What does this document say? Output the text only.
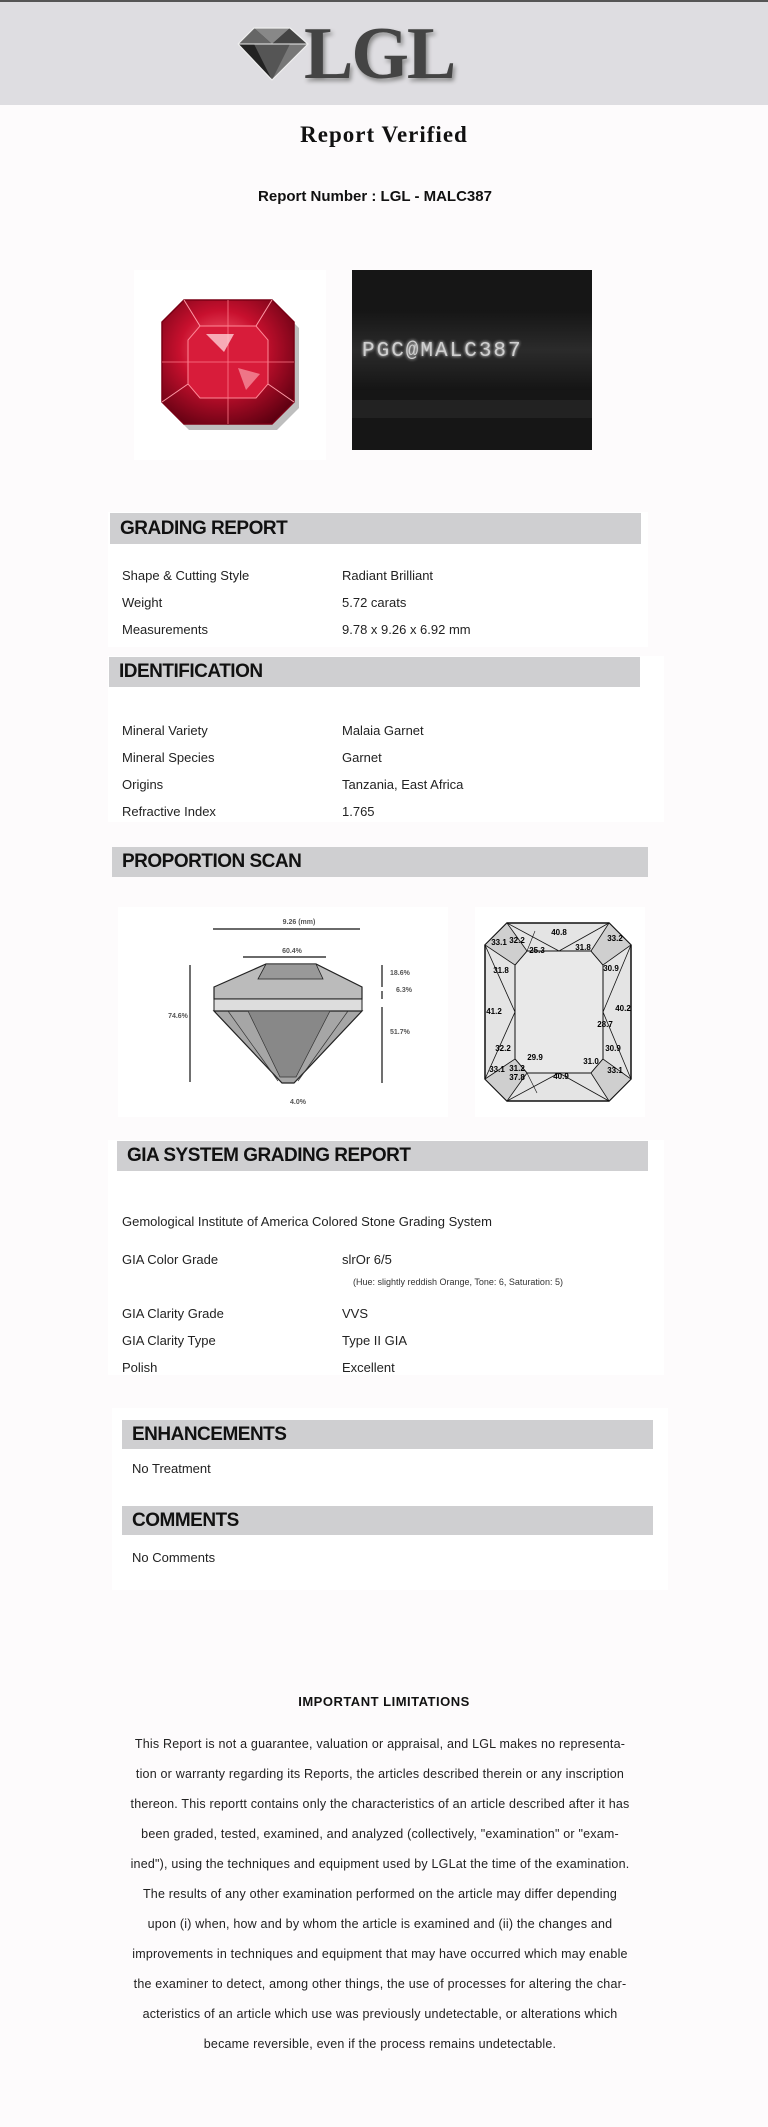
LGL
Report Verified
Report Number : LGL - MALC387
PGC@MALC387
GRADING REPORT
Shape & Cutting Style	Radiant Brilliant
Weight	5.72 carats
Measurements	9.78 x 9.26 x 6.92 mm
IDENTIFICATION
Mineral Variety	Malaia Garnet
Mineral Species	Garnet
Origins	Tanzania, East Africa
Refractive Index	1.765
PROPORTION SCAN
9.26 (mm)
60.4%
74.6%
18.6%
6.3%
51.7%
4.0%
40.8
33.2
33.1 32.2
25.3	31.8
31.8	30.9
41.2	40.2
28.7
32.2
29.9
30.9
33.1 31.2
37.8	40.9
31.0
33.1
GIA SYSTEM GRADING REPORT
Gemological Institute of America Colored Stone Grading System
GIA Color Grade	slrOr 6/5
(Hue: slightly reddish Orange, Tone: 6, Saturation: 5)
GIA Clarity Grade	VVS
GIA Clarity Type	Type II GIA
Polish	Excellent
ENHANCEMENTS
No Treatment
COMMENTS
No Comments
IMPORTANT LIMITATIONS
This Report is not a guarantee, valuation or appraisal, and LGL makes no representa-
tion or warranty regarding its Reports, the articles described therein or any inscription
thereon. This reportt contains only the characteristics of an article described after it has
been graded, tested, examined, and analyzed (collectively, "examination" or "exam-
ined"), using the techniques and equipment used by LGLat the time of the examination.
The results of any other examination performed on the article may differ depending
upon (i) when, how and by whom the article is examined and (ii) the changes and
improvements in techniques and equipment that may have occurred which may enable
the examiner to detect, among other things, the use of processes for altering the char-
acteristics of an article which use was previously undetectable, or alterations which
became reversible, even if the process remains undetectable.
